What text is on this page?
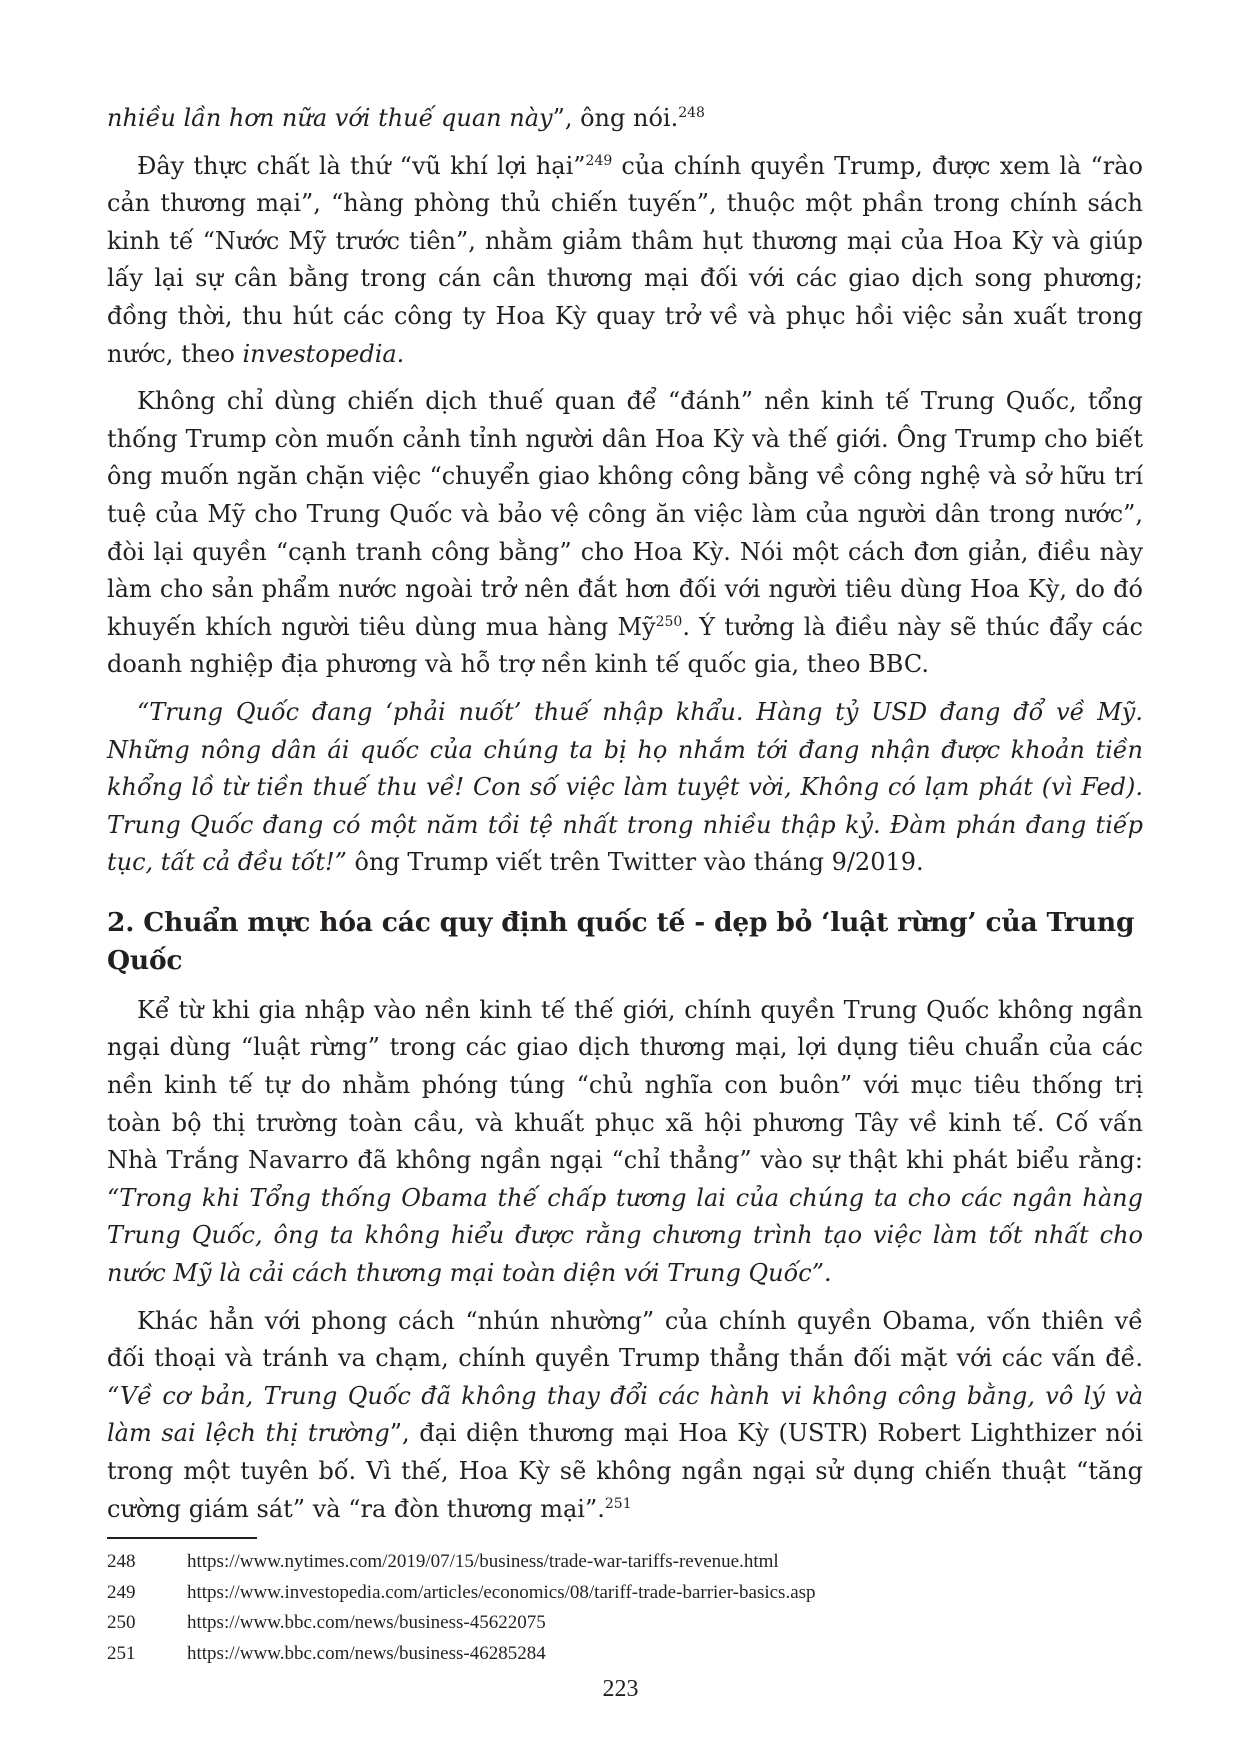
nhiều lần hơn nữa với thuế quan này”, ông nói.$^{248}$

Đây thực chất là thứ “vũ khí lợi hại”$^{249}$ của chính quyền Trump, được xem là “rào cản thương mại”, “hàng phòng thủ chiến tuyến”, thuộc một phần trong chính sách kinh tế “Nước Mỹ trước tiên”, nhằm giảm thâm hụt thương mại của Hoa Kỳ và giúp lấy lại sự cân bằng trong cán cân thương mại đối với các giao dịch song phương; đồng thời, thu hút các công ty Hoa Kỳ quay trở về và phục hồi việc sản xuất trong nước, theo investopedia.

Không chỉ dùng chiến dịch thuế quan để “đánh” nền kinh tế Trung Quốc, tổng thống Trump còn muốn cảnh tỉnh người dân Hoa Kỳ và thế giới. Ông Trump cho biết ông muốn ngăn chặn việc “chuyển giao không công bằng về công nghệ và sở hữu trí tuệ của Mỹ cho Trung Quốc và bảo vệ công ăn việc làm của người dân trong nước”, đòi lại quyền “cạnh tranh công bằng” cho Hoa Kỳ. Nói một cách đơn giản, điều này làm cho sản phẩm nước ngoài trở nên đắt hơn đối với người tiêu dùng Hoa Kỳ, do đó khuyến khích người tiêu dùng mua hàng Mỹ$^{250}$. Ý tưởng là điều này sẽ thúc đẩy các doanh nghiệp địa phương và hỗ trợ nền kinh tế quốc gia, theo BBC.

“Trung Quốc đang ‘phải nuốt’ thuế nhập khẩu. Hàng tỷ USD đang đổ về Mỹ. Những nông dân ái quốc của chúng ta bị họ nhắm tới đang nhận được khoản tiền khổng lồ từ tiền thuế thu về! Con số việc làm tuyệt vời, Không có lạm phát (vì Fed). Trung Quốc đang có một năm tồi tệ nhất trong nhiều thập kỷ. Đàm phán đang tiếp tục, tất cả đều tốt!” ông Trump viết trên Twitter vào tháng 9/2019.

2. Chuẩn mực hóa các quy định quốc tế - dẹp bỏ ‘luật rừng’ của Trung Quốc

Kể từ khi gia nhập vào nền kinh tế thế giới, chính quyền Trung Quốc không ngần ngại dùng “luật rừng” trong các giao dịch thương mại, lợi dụng tiêu chuẩn của các nền kinh tế tự do nhằm phóng túng “chủ nghĩa con buôn” với mục tiêu thống trị toàn bộ thị trường toàn cầu, và khuất phục xã hội phương Tây về kinh tế. Cố vấn Nhà Trắng Navarro đã không ngần ngại “chỉ thẳng” vào sự thật khi phát biểu rằng: “Trong khi Tổng thống Obama thế chấp tương lai của chúng ta cho các ngân hàng Trung Quốc, ông ta không hiểu được rằng chương trình tạo việc làm tốt nhất cho nước Mỹ là cải cách thương mại toàn diện với Trung Quốc”.

Khác hẳn với phong cách “nhún nhường” của chính quyền Obama, vốn thiên về đối thoại và tránh va chạm, chính quyền Trump thẳng thắn đối mặt với các vấn đề. “Về cơ bản, Trung Quốc đã không thay đổi các hành vi không công bằng, vô lý và làm sai lệch thị trường”, đại diện thương mại Hoa Kỳ (USTR) Robert Lighthizer nói trong một tuyên bố. Vì thế, Hoa Kỳ sẽ không ngần ngại sử dụng chiến thuật “tăng cường giám sát” và “ra đòn thương mại”.$^{251}$

248	https://www.nytimes.com/2019/07/15/business/trade-war-tariffs-revenue.html
249	https://www.investopedia.com/articles/economics/08/tariff-trade-barrier-basics.asp
250	https://www.bbc.com/news/business-45622075
251	https://www.bbc.com/news/business-46285284
223
